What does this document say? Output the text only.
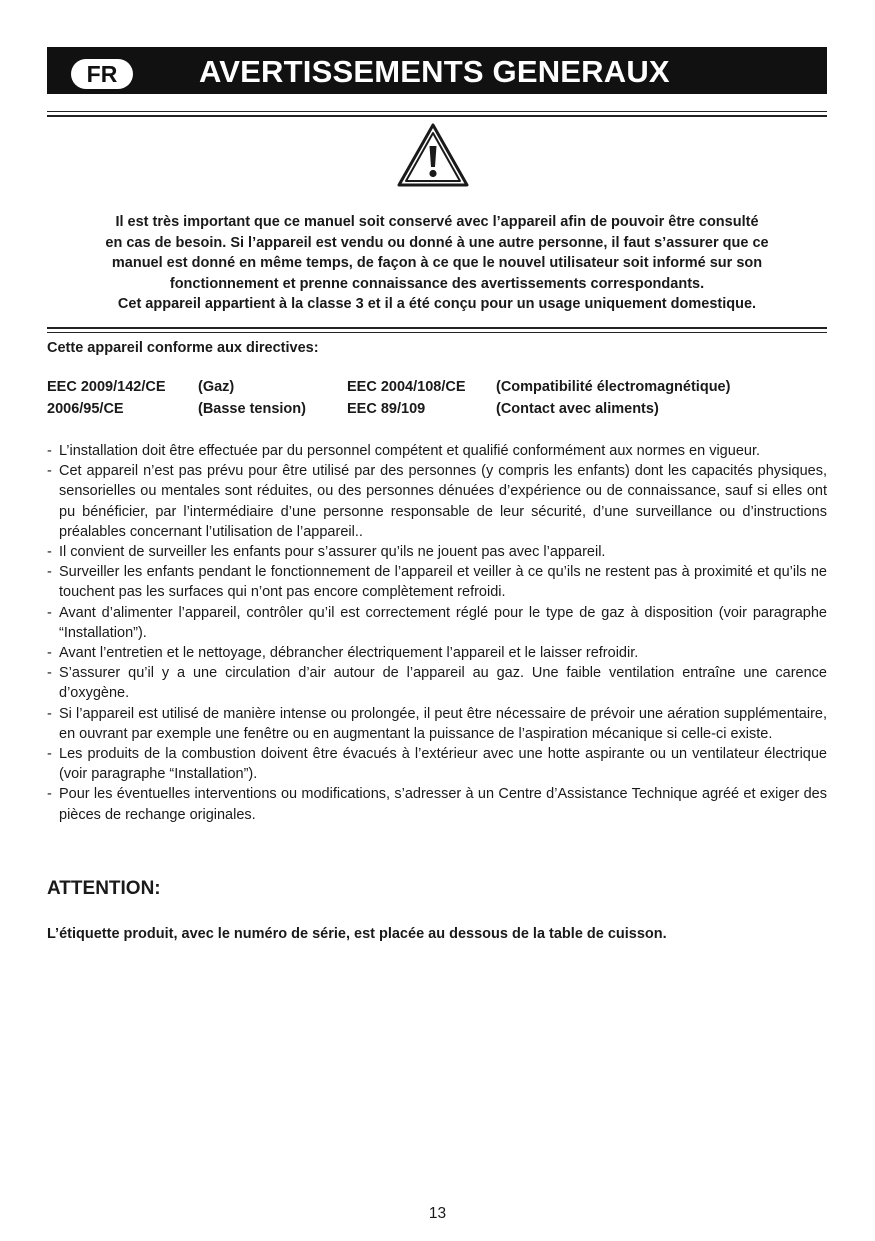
FR	AVERTISSEMENTS GENERAUX

Il est très important que ce manuel soit conservé avec l’appareil afin de pouvoir être consulté

en cas de besoin. Si l’appareil est vendu ou donné à une autre personne, il faut s’assurer que ce

manuel est donné en même temps, de façon à ce que le nouvel utilisateur soit informé sur son

fonctionnement et prenne connaissance des avertissements correspondants.

Cet appareil appartient à la classe 3 et il a été conçu pour un usage uniquement domestique.

Cette appareil conforme aux directives:
EEC 2009/142/CE (Gaz)	EEC 2004/108/CE (Compatibilité électromagnétique)
2006/95/CE	(Basse tension)	EEC 89/109	(Contact avec aliments)
- L’installation doit être effectuée par du personnel compétent et qualifié conformément aux normes en vigueur.
- Cet appareil n’est pas prévu pour être utilisé par des personnes (y compris les enfants) dont les capacités physiques, sensorielles ou mentales sont réduites, ou des personnes dénuées d’expérience ou de connaissance, sauf si elles ont pu bénéficier, par l’intermédiaire d’une personne responsable de leur sécurité, d’une surveillance ou d’instructions préalables concernant l’utilisation de l’appareil..
- Il convient de surveiller les enfants pour s’assurer qu’ils ne jouent pas avec l’appareil.
- Surveiller les enfants pendant le fonctionnement de l’appareil et veiller à ce qu’ils ne restent pas à proximité et qu’ils ne touchent pas les surfaces qui n’ont pas encore complètement refroidi.
- Avant d’alimenter l’appareil, contrôler qu’il est correctement réglé pour le type de gaz à disposition (voir paragraphe “Installation”).
- Avant l’entretien et le nettoyage, débrancher électriquement l’appareil et le laisser refroidir.
- S’assurer qu’il y a une circulation d’air autour de l’appareil au gaz. Une faible ventilation entraîne une carence d’oxygène.
- Si l’appareil est utilisé de manière intense ou prolongée, il peut être nécessaire de prévoir une aération supplémentaire, en ouvrant par exemple une fenêtre ou en augmentant la puissance de l’aspiration mécanique si celle-ci existe.
- Les produits de la combustion doivent être évacués à l’extérieur avec une hotte aspirante ou un ventilateur électrique (voir paragraphe “Installation”).
- Pour les éventuelles interventions ou modifications, s’adresser à un Centre d’Assistance Technique agréé et exiger des pièces de rechange originales.
ATTENTION:
L’étiquette produit, avec le numéro de série, est placée au dessous de la table de cuisson.
13
